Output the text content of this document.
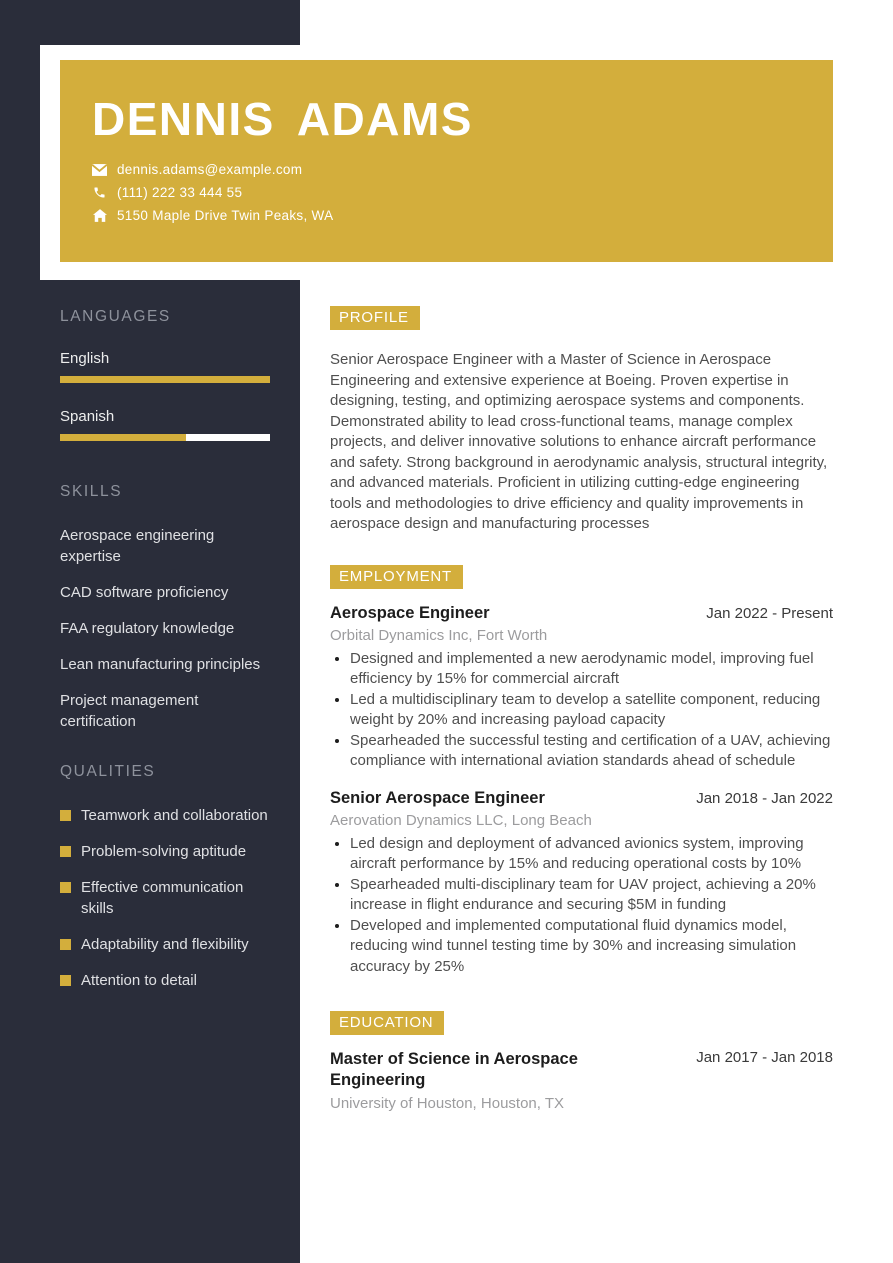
DENNIS ADAMS
dennis.adams@example.com
(111) 222 33 444 55
5150 Maple Drive Twin Peaks, WA
LANGUAGES
English
Spanish
SKILLS
Aerospace engineering expertise
CAD software proficiency
FAA regulatory knowledge
Lean manufacturing principles
Project management certification
QUALITIES
Teamwork and collaboration
Problem-solving aptitude
Effective communication skills
Adaptability and flexibility
Attention to detail
PROFILE

Senior Aerospace Engineer with a Master of Science in Aerospace Engineering and extensive experience at Boeing. Proven expertise in designing, testing, and optimizing aerospace systems and components. Demonstrated ability to lead cross-functional teams, manage complex projects, and deliver innovative solutions to enhance aircraft performance and safety. Strong background in aerodynamic analysis, structural integrity, and advanced materials. Proficient in utilizing cutting-edge engineering tools and methodologies to drive efficiency and quality improvements in aerospace design and manufacturing processes

EMPLOYMENT
Aerospace Engineer	Jan 2022 - Present
Orbital Dynamics Inc, Fort Worth
• Designed and implemented a new aerodynamic model, improving fuel efficiency by 15% for commercial aircraft
• Led a multidisciplinary team to develop a satellite component, reducing weight by 20% and increasing payload capacity
• Spearheaded the successful testing and certification of a UAV, achieving compliance with international aviation standards ahead of schedule
Senior Aerospace Engineer	Jan 2018 - Jan 2022
Aerovation Dynamics LLC, Long Beach
• Led design and deployment of advanced avionics system, improving aircraft performance by 15% and reducing operational costs by 10%
• Spearheaded multi-disciplinary team for UAV project, achieving a 20% increase in flight endurance and securing $5M in funding
• Developed and implemented computational fluid dynamics model, reducing wind tunnel testing time by 30% and increasing simulation accuracy by 25%
EDUCATION
Master of Science in Aerospace Engineering
Jan 2017 - Jan 2018
University of Houston, Houston, TX
